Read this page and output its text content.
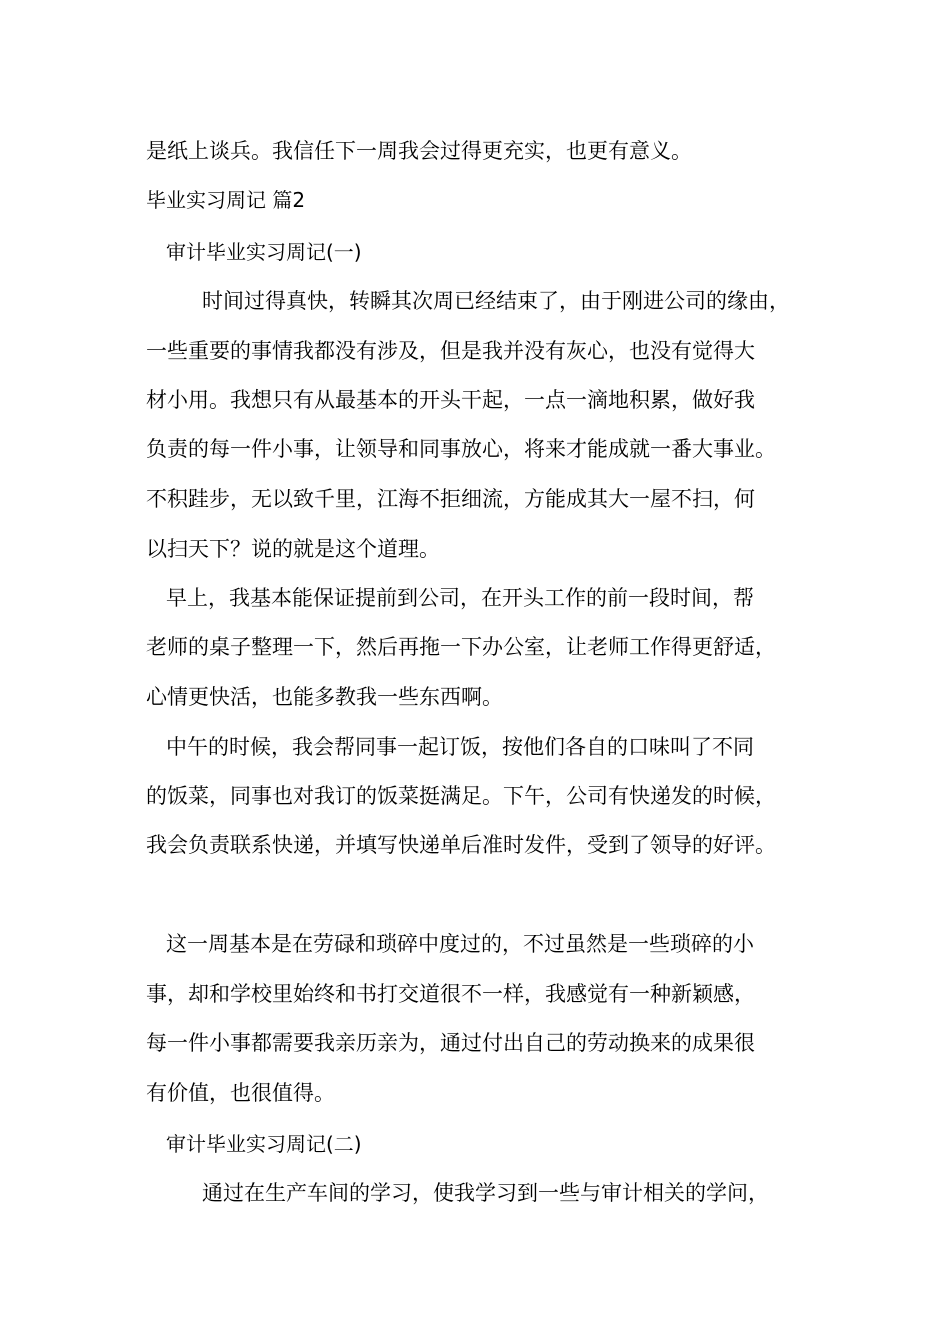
是纸上谈兵。我信任下一周我会过得更充实，也更有意义。
毕业实习周记 篇2
审计毕业实习周记(一)
时间过得真快，转瞬其次周已经结束了，由于刚进公司的缘由，
一些重要的事情我都没有涉及，但是我并没有灰心，也没有觉得大
材小用。我想只有从最基本的开头干起，一点一滴地积累，做好我
负责的每一件小事，让领导和同事放心，将来才能成就一番大事业。
不积跬步，无以致千里，江海不拒细流，方能成其大一屋不扫，何
以扫天下？说的就是这个道理。
早上，我基本能保证提前到公司，在开头工作的前一段时间，帮
老师的桌子整理一下，然后再拖一下办公室，让老师工作得更舒适，
心情更快活，也能多教我一些东西啊。
中午的时候，我会帮同事一起订饭，按他们各自的口味叫了不同
的饭菜，同事也对我订的饭菜挺满足。下午，公司有快递发的时候，
我会负责联系快递，并填写快递单后准时发件，受到了领导的好评。
这一周基本是在劳碌和琐碎中度过的，不过虽然是一些琐碎的小
事，却和学校里始终和书打交道很不一样，我感觉有一种新颖感，
每一件小事都需要我亲历亲为，通过付出自己的劳动换来的成果很
有价值，也很值得。
审计毕业实习周记(二)
通过在生产车间的学习，使我学习到一些与审计相关的学问，
